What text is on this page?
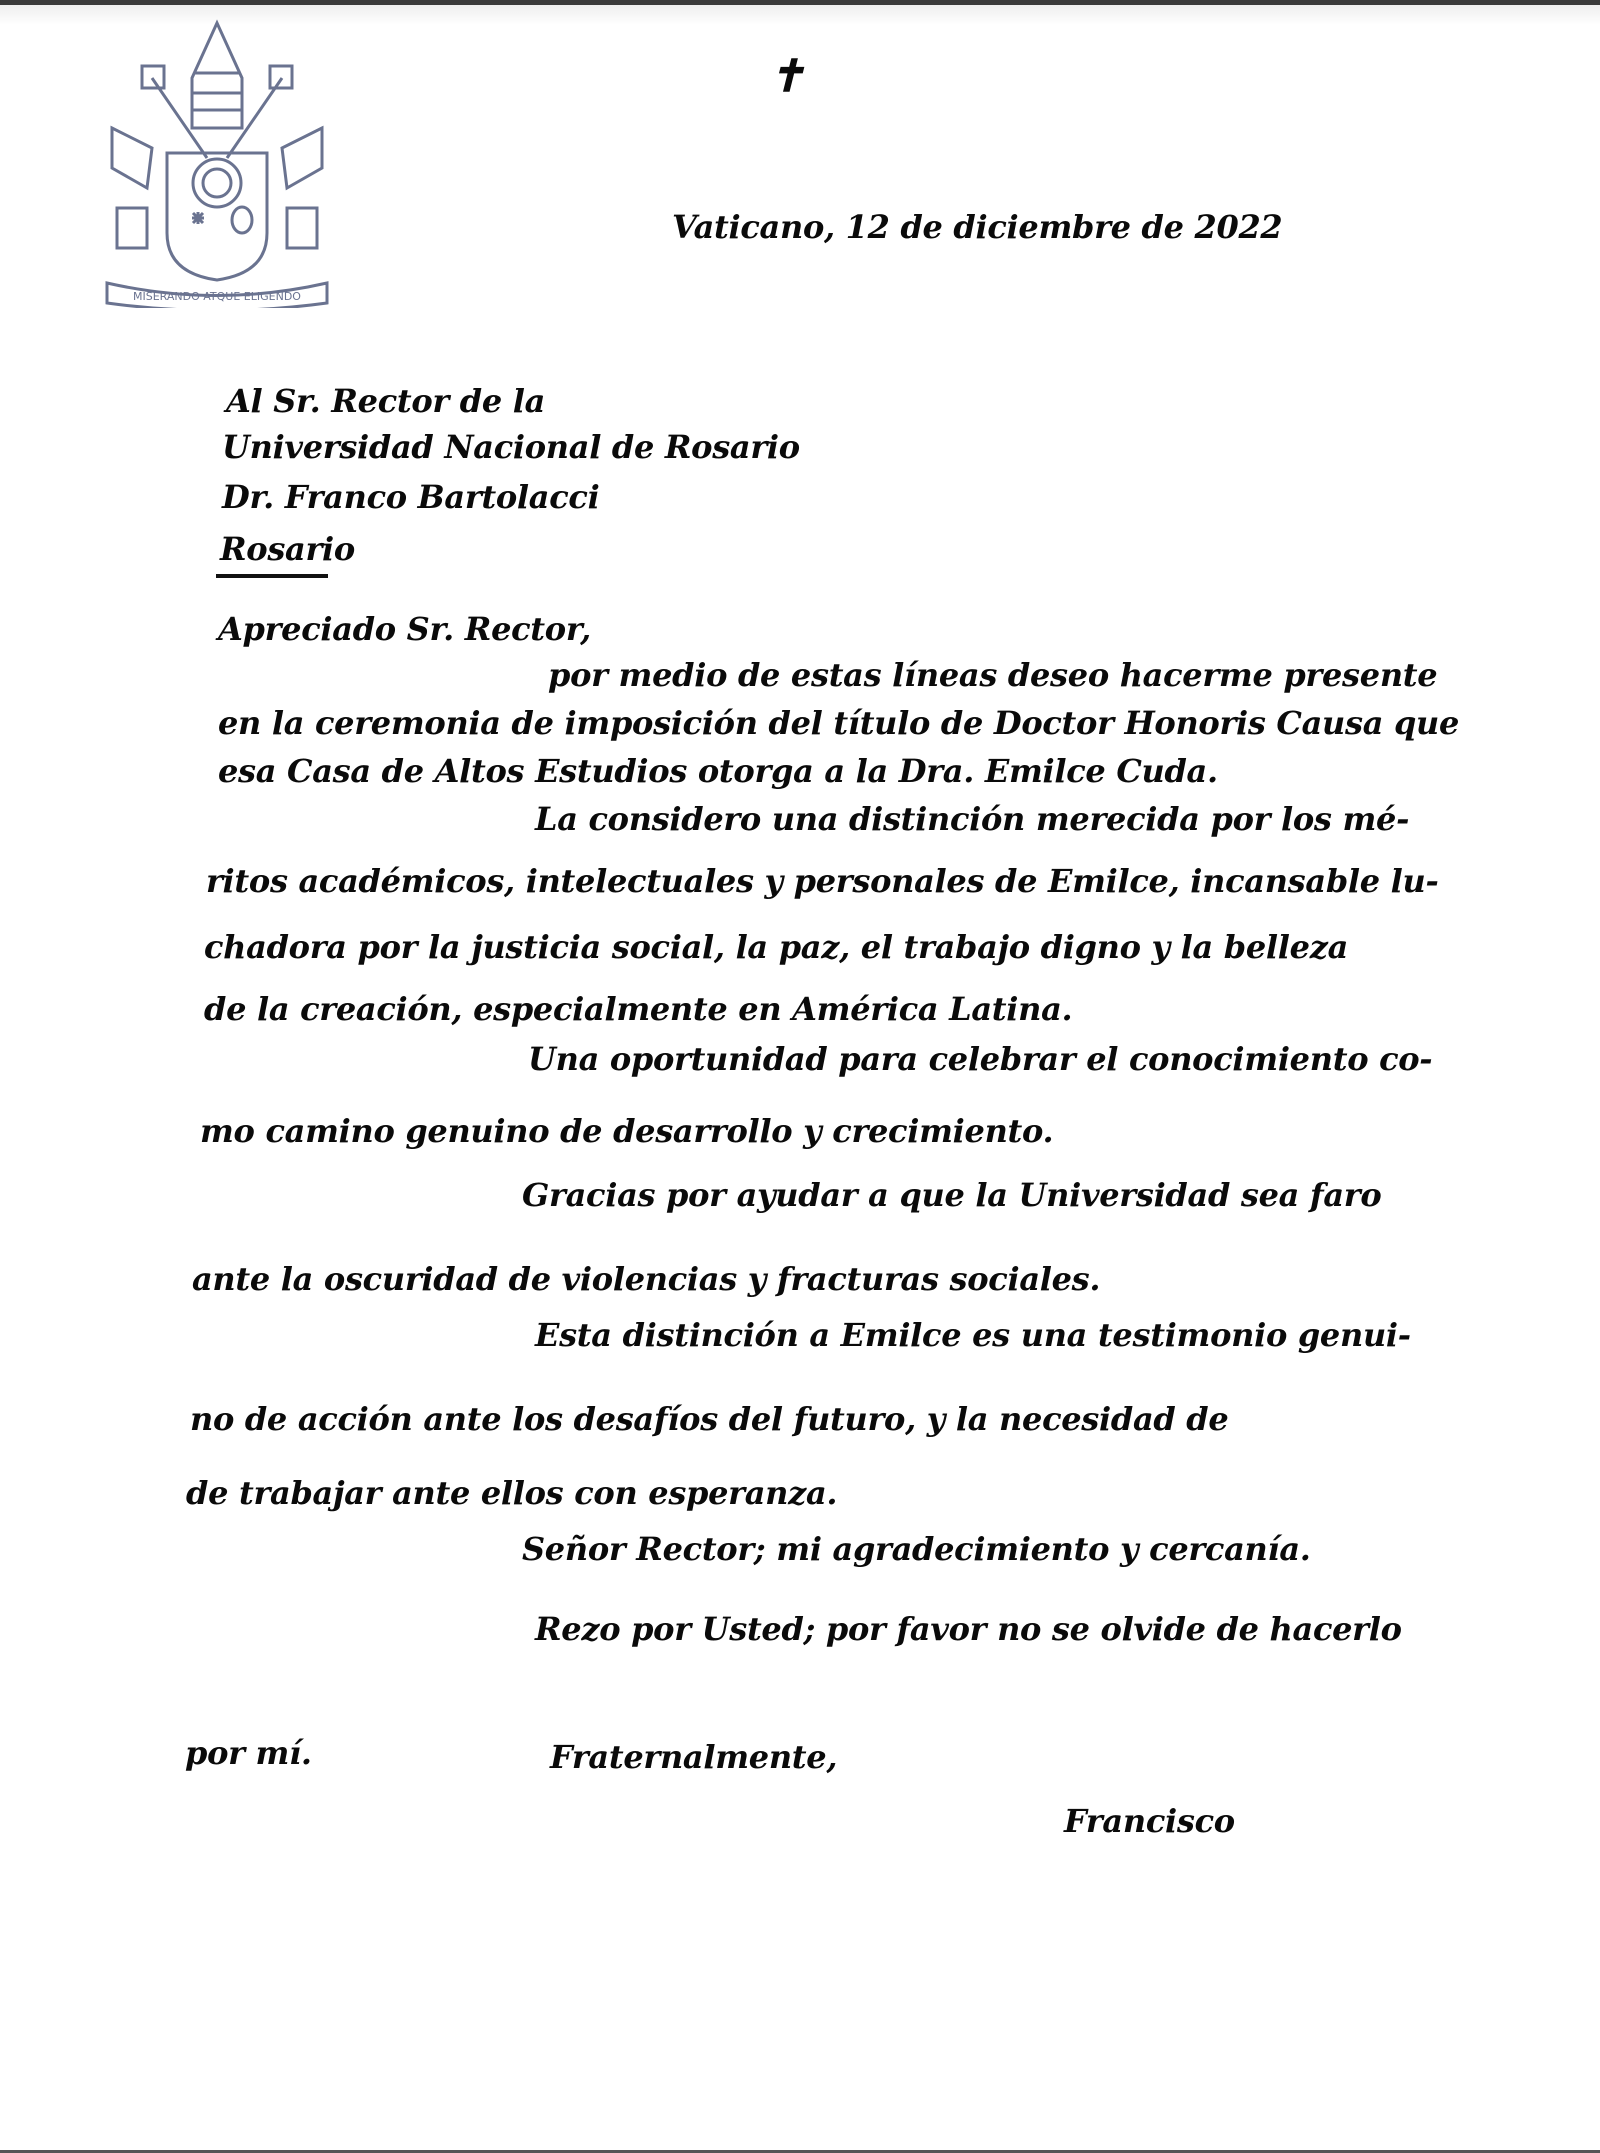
MISERANDO ATQUE ELIGENDO
✝
Vaticano, 12 de diciembre de 2022
Al Sr. Rector de la
Universidad Nacional de Rosario
Dr. Franco Bartolacci
Rosario
Apreciado Sr. Rector,
por medio de estas líneas deseo hacerme presente
en la ceremonia de imposición del título de Doctor Honoris Causa que
esa Casa de Altos Estudios otorga a la Dra. Emilce Cuda.
La considero una distinción merecida por los mé-
ritos académicos, intelectuales y personales de Emilce, incansable lu-
chadora por la justicia social, la paz, el trabajo digno y la belleza
de la creación, especialmente en América Latina.
Una oportunidad para celebrar el conocimiento co-
mo camino genuino de desarrollo y crecimiento.
Gracias por ayudar a que la Universidad sea faro
ante la oscuridad de violencias y fracturas sociales.
Esta distinción a Emilce es una testimonio genui-
no de acción ante los desafíos del futuro, y la necesidad de
de trabajar ante ellos con esperanza.
Señor Rector; mi agradecimiento y cercanía.
Rezo por Usted; por favor no se olvide de hacerlo
por mí.	Fraternalmente,
Francisco
